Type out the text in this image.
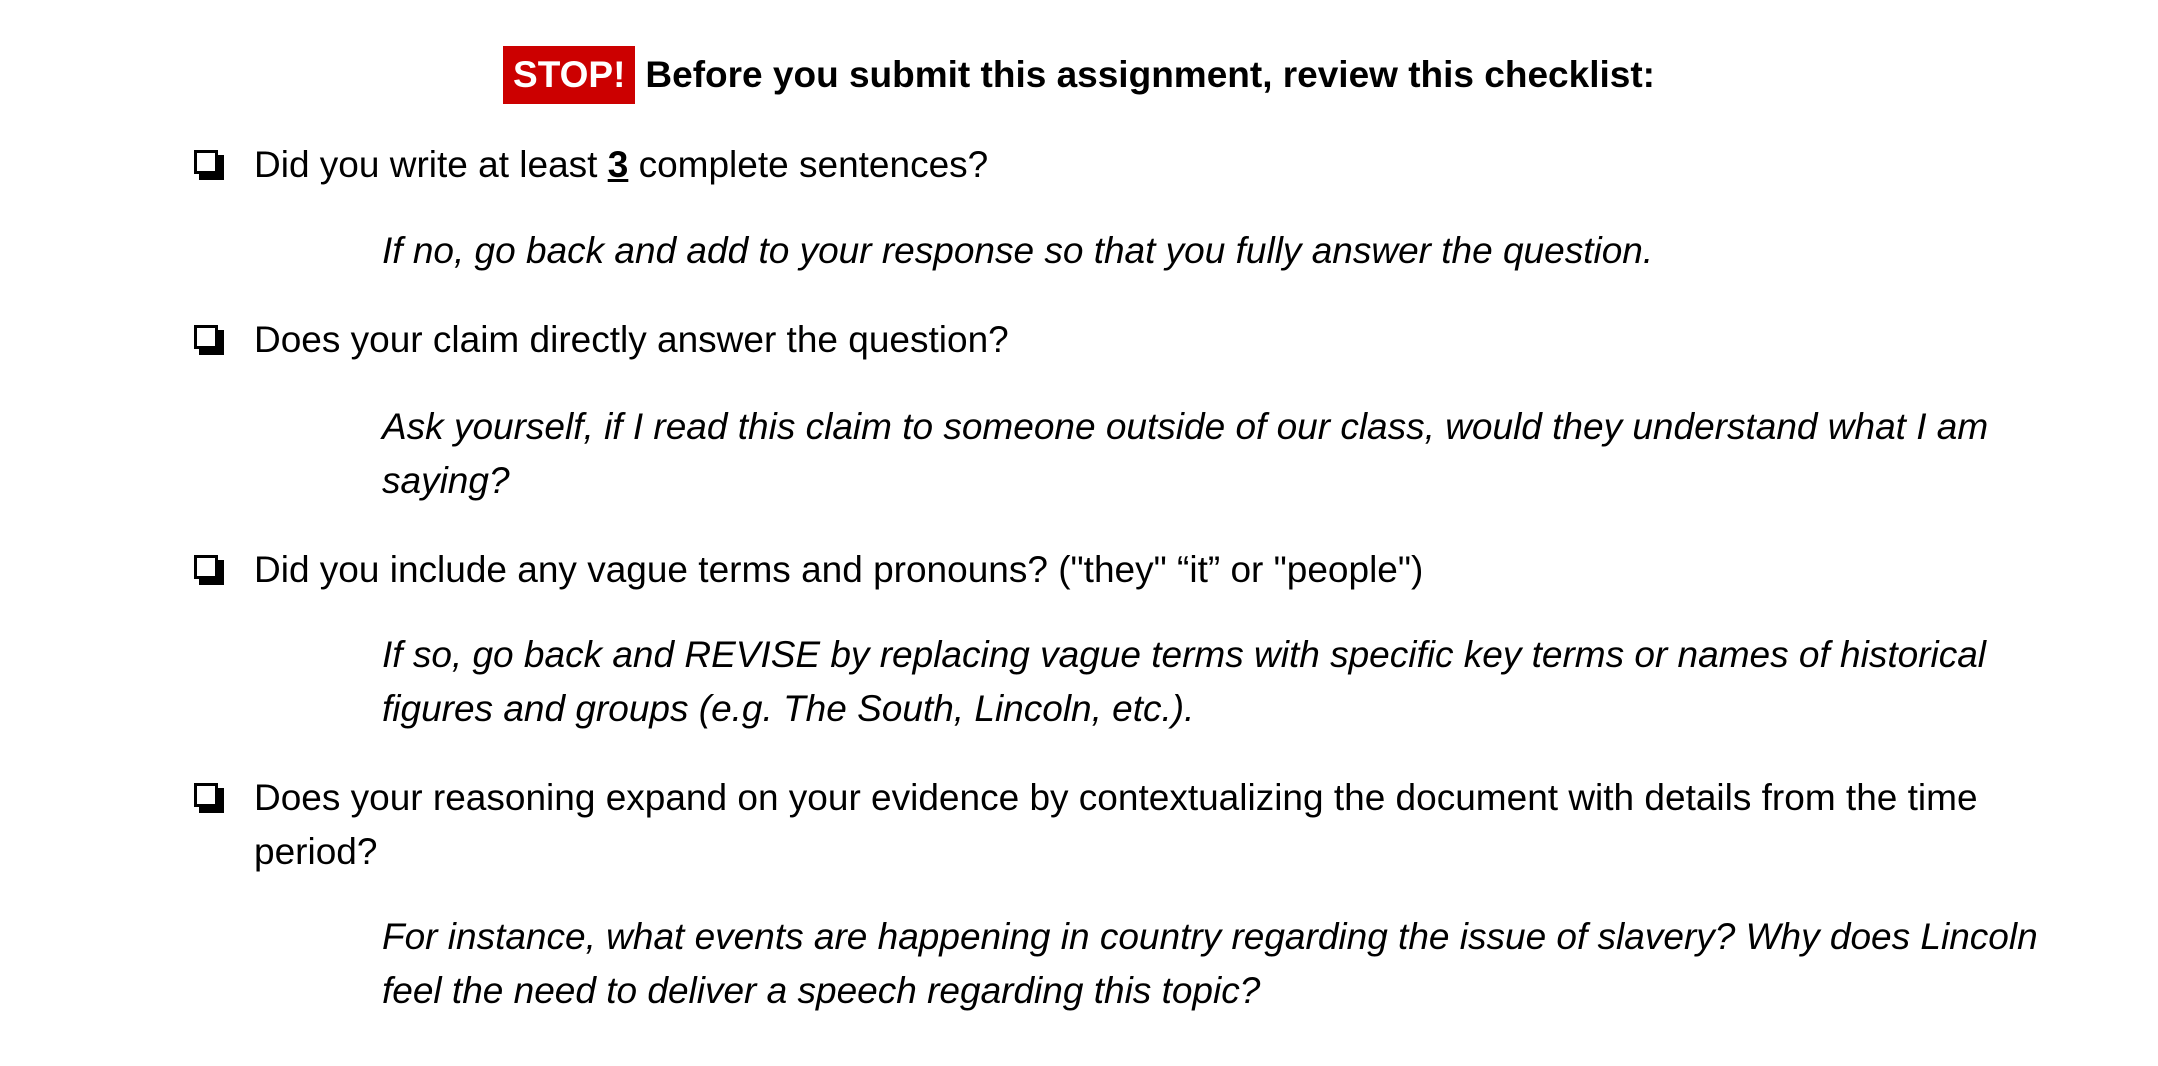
STOP! Before you submit this assignment, review this checklist:
Did you write at least 3 complete sentences?
If no, go back and add to your response so that you fully answer the question.
Does your claim directly answer the question?
Ask yourself, if I read this claim to someone outside of our class, would they understand what I am saying?
Did you include any vague terms and pronouns? ("they" “it” or "people")
If so, go back and REVISE by replacing vague terms with specific key terms or names of historical figures and groups (e.g. The South, Lincoln, etc.).
Does your reasoning expand on your evidence by contextualizing the document with details from the time period?
For instance, what events are happening in country regarding the issue of slavery? Why does Lincoln feel the need to deliver a speech regarding this topic?
